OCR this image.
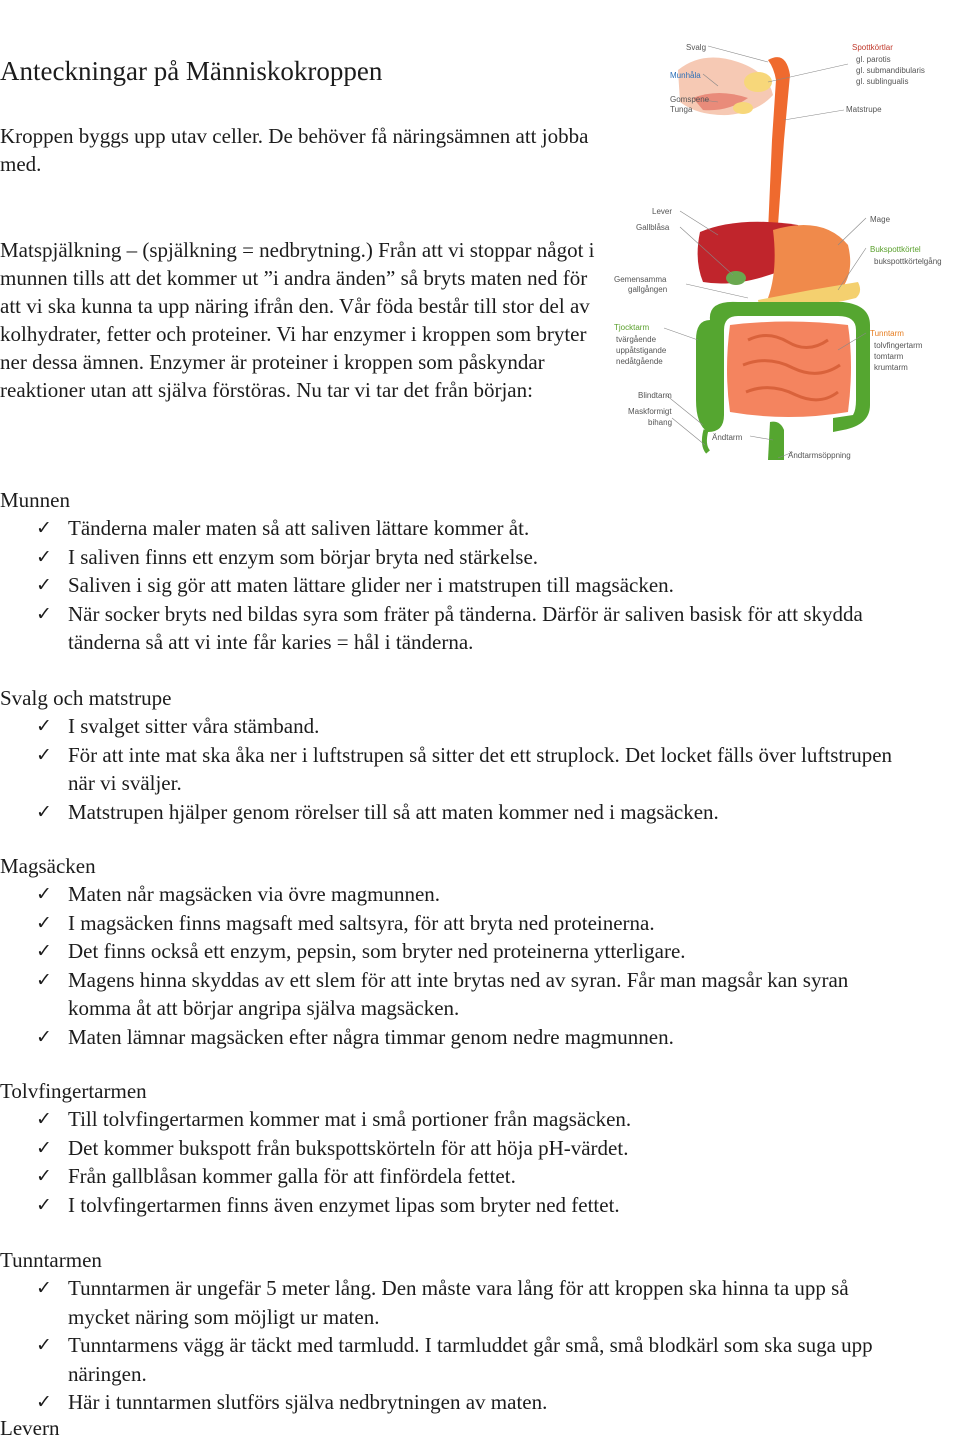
Anteckningar på Människokroppen

Kroppen byggs upp utav celler. De behöver få näringsämnen att jobba med.

Matspjälkning – (spjälkning = nedbrytning.) Från att vi stoppar något i munnen tills att det kommer ut ”i andra änden” så bryts maten ned för att vi ska kunna ta upp näring ifrån den. Vår föda består till stor del av kolhydrater, fetter och proteiner. Vi har enzymer i kroppen som bryter ner dessa ämnen. Enzymer är proteiner i kroppen som påskyndar reaktioner utan att själva förstöras. Nu tar vi tar det från början:

Svalg
Munhåla
Gomspene
Tunga
Spottkörtlar
gl. parotis
gl. submandibularis
gl. sublingualis
Matstrupe
Lever
Gallblåsa
Gemensamma
gallgången
Mage
Bukspottkörtel
bukspottkörtelgång
Tjocktarm
tvärgående
uppåtstigande
nedåtgående
Tunntarm
tolvfingertarm
tomtarm
krumtarm
Blindtarm
Maskformigt
bihang
Ändtarm
Ändtarmsöppning
Munnen
✓ Tänderna maler maten så att saliven lättare kommer åt.
✓ I saliven finns ett enzym som börjar bryta ned stärkelse.
✓ Saliven i sig gör att maten lättare glider ner i matstrupen till magsäcken.
✓ När socker bryts ned bildas syra som fräter på tänderna. Därför är saliven basisk för att skydda tänderna så att vi inte får karies = hål i tänderna.
Svalg och matstrupe
✓ I svalget sitter våra stämband.
✓ För att inte mat ska åka ner i luftstrupen så sitter det ett struplock. Det locket fälls över luftstrupen när vi sväljer.
✓ Matstrupen hjälper genom rörelser till så att maten kommer ned i magsäcken.
Magsäcken
✓ Maten når magsäcken via övre magmunnen.
✓ I magsäcken finns magsaft med saltsyra, för att bryta ned proteinerna.
✓ Det finns också ett enzym, pepsin, som bryter ned proteinerna ytterligare.
✓ Magens hinna skyddas av ett slem för att inte brytas ned av syran. Får man magsår kan syran komma åt att börjar angripa själva magsäcken.
✓ Maten lämnar magsäcken efter några timmar genom nedre magmunnen.
Tolvfingertarmen
✓ Till tolvfingertarmen kommer mat i små portioner från magsäcken.
✓ Det kommer bukspott från bukspottskörteln för att höja pH-värdet.
✓ Från gallblåsan kommer galla för att finfördela fettet.
✓ I tolvfingertarmen finns även enzymet lipas som bryter ned fettet.
Tunntarmen
✓ Tunntarmen är ungefär 5 meter lång. Den måste vara lång för att kroppen ska hinna ta upp så mycket näring som möjligt ur maten.
✓ Tunntarmens vägg är täckt med tarmludd. I tarmluddet går små, små blodkärl som ska suga upp näringen.
✓ Här i tunntarmen slutförs själva nedbrytningen av maten.
Levern
